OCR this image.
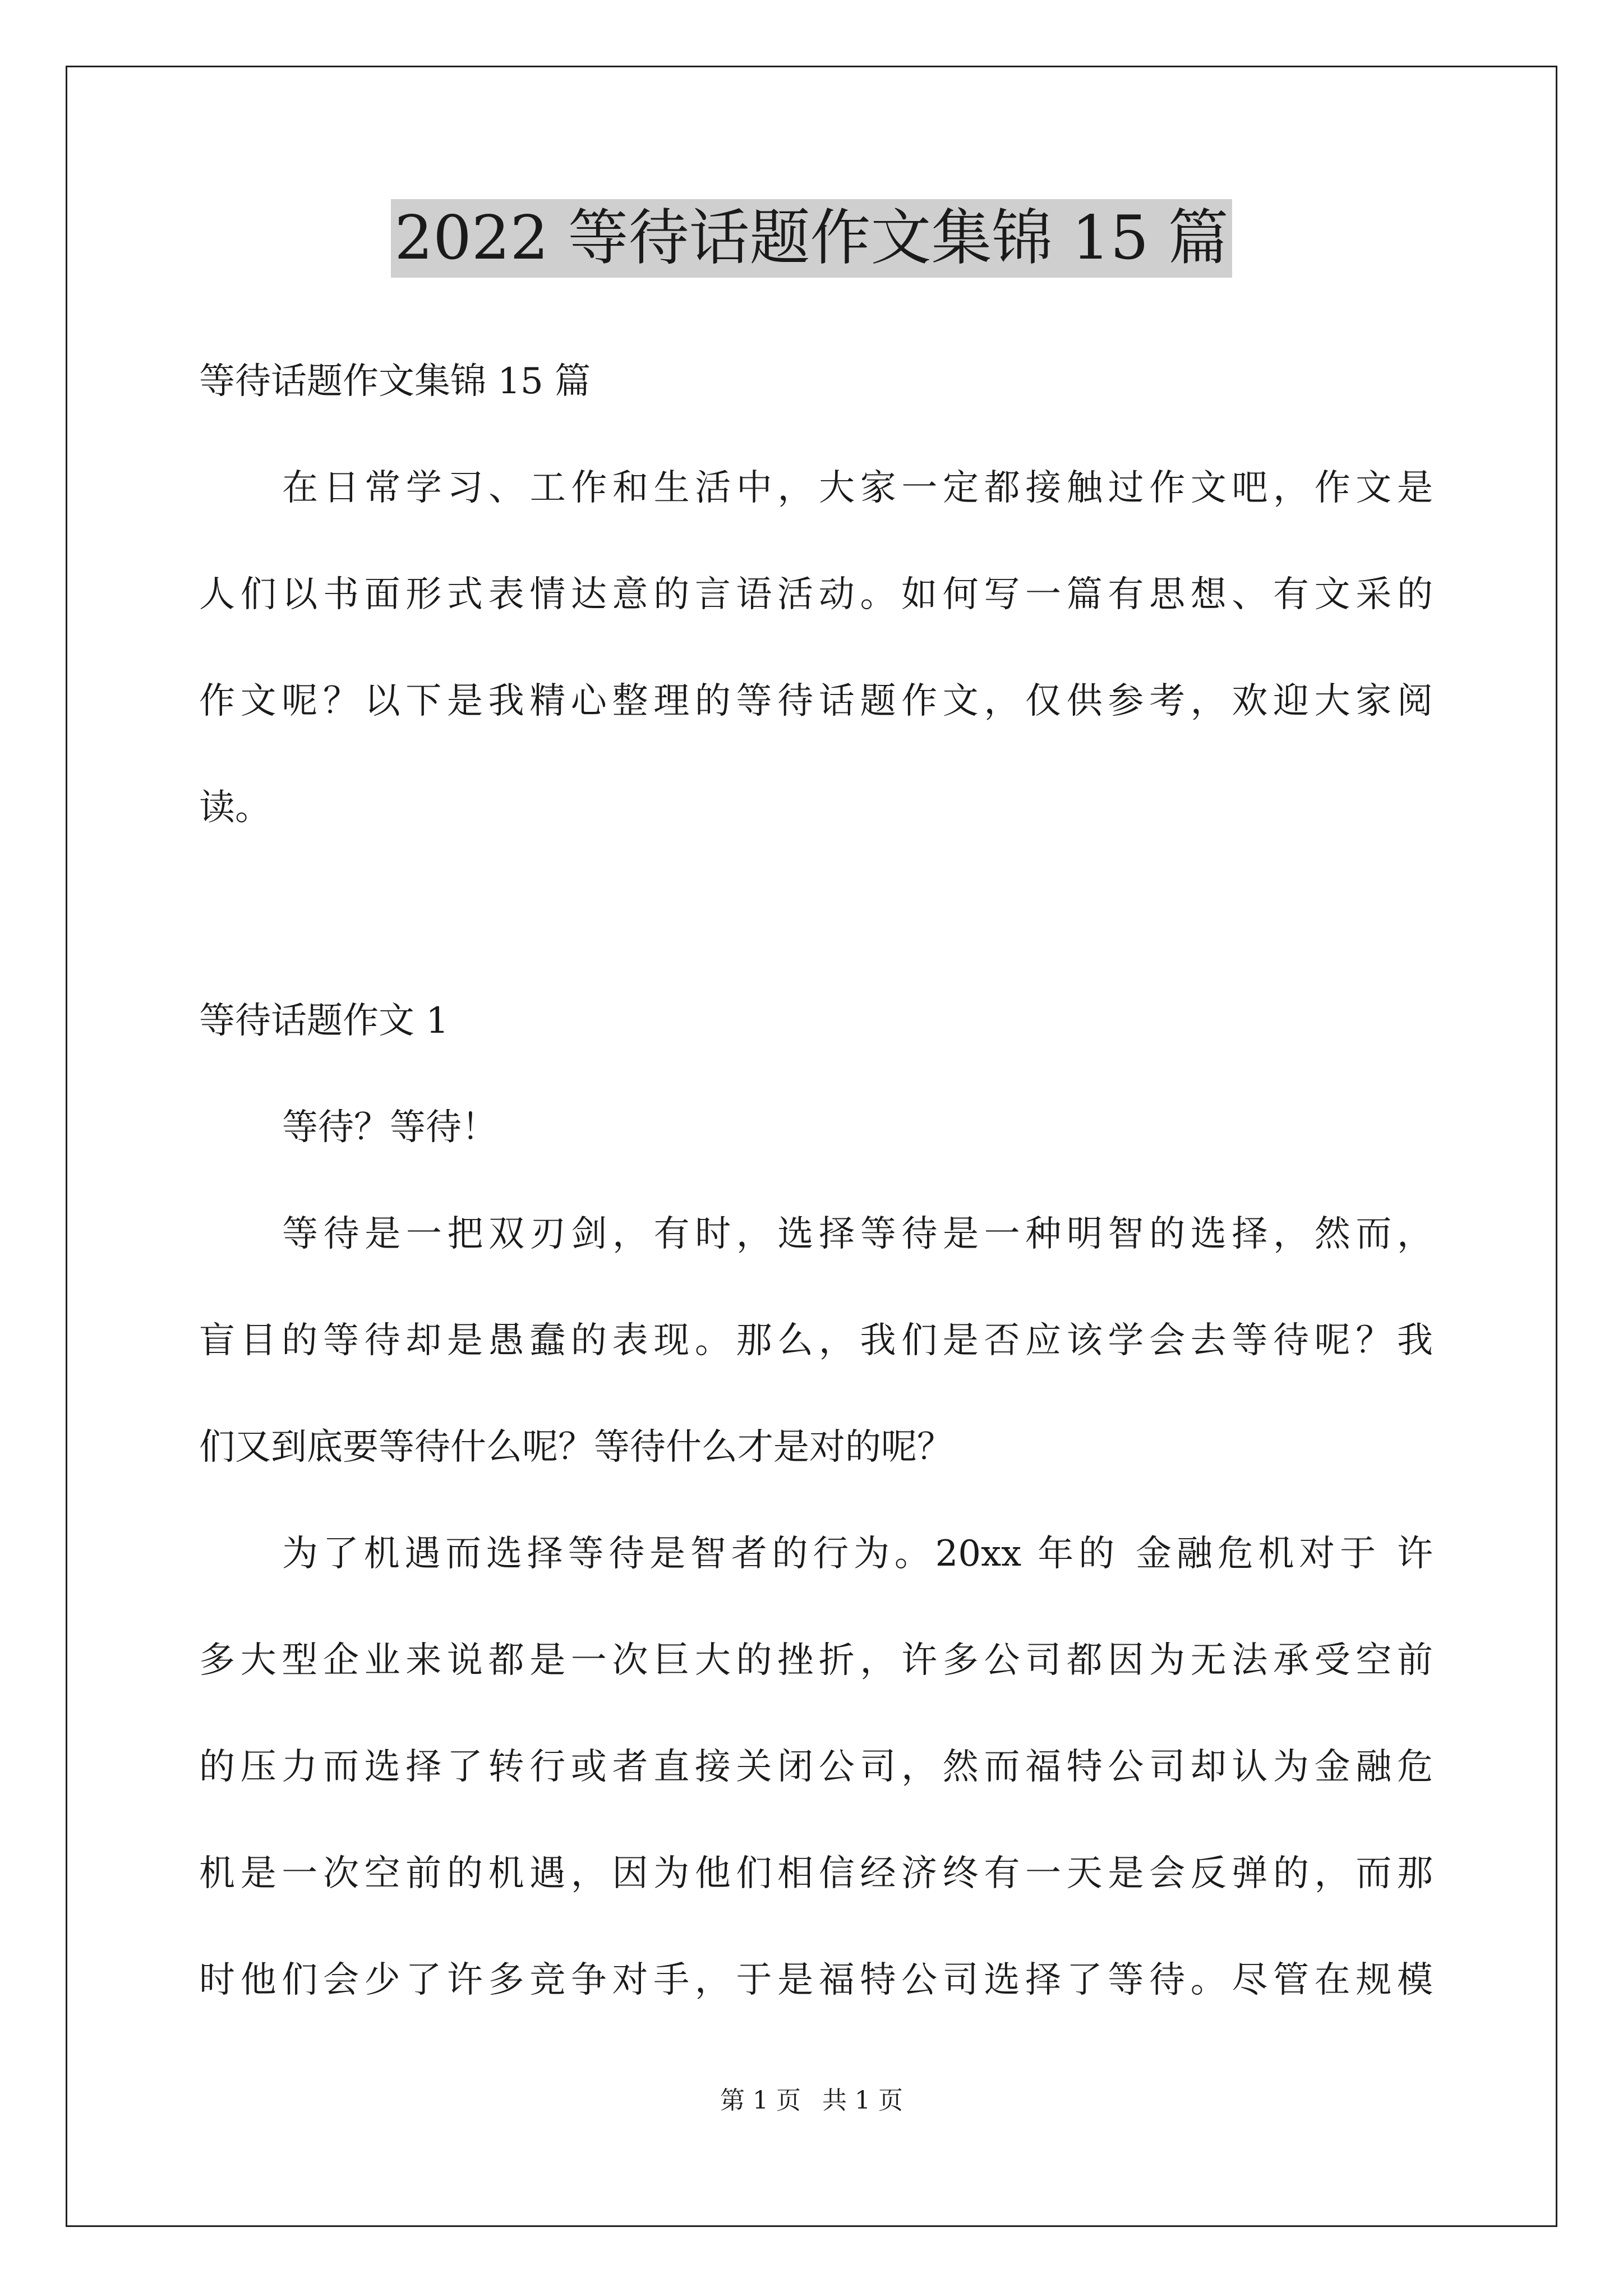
2022 等待话题作文集锦 15 篇
等待话题作文集锦 15 篇
在日常学习、工作和生活中，大家一定都接触过作文吧，作文是
人们以书面形式表情达意的言语活动。如何写一篇有思想、有文采的
作文呢？以下是我精心整理的等待话题作文，仅供参考，欢迎大家阅
读。
等待话题作文 1
等待？等待！
等待是一把双刃剑，有时，选择等待是一种明智的选择，然而，
盲目的等待却是愚蠢的表现。那么，我们是否应该学会去等待呢？我
们又到底要等待什么呢？等待什么才是对的呢？
为了机遇而选择等待是智者的行为。20xx 年的 金融危机对于 许
多大型企业来说都是一次巨大的挫折，许多公司都因为无法承受空前
的压力而选择了转行或者直接关闭公司，然而福特公司却认为金融危
机是一次空前的机遇，因为他们相信经济终有一天是会反弹的，而那
时他们会少了许多竞争对手，于是福特公司选择了等待。尽管在规模
第 1 页 共 1 页
